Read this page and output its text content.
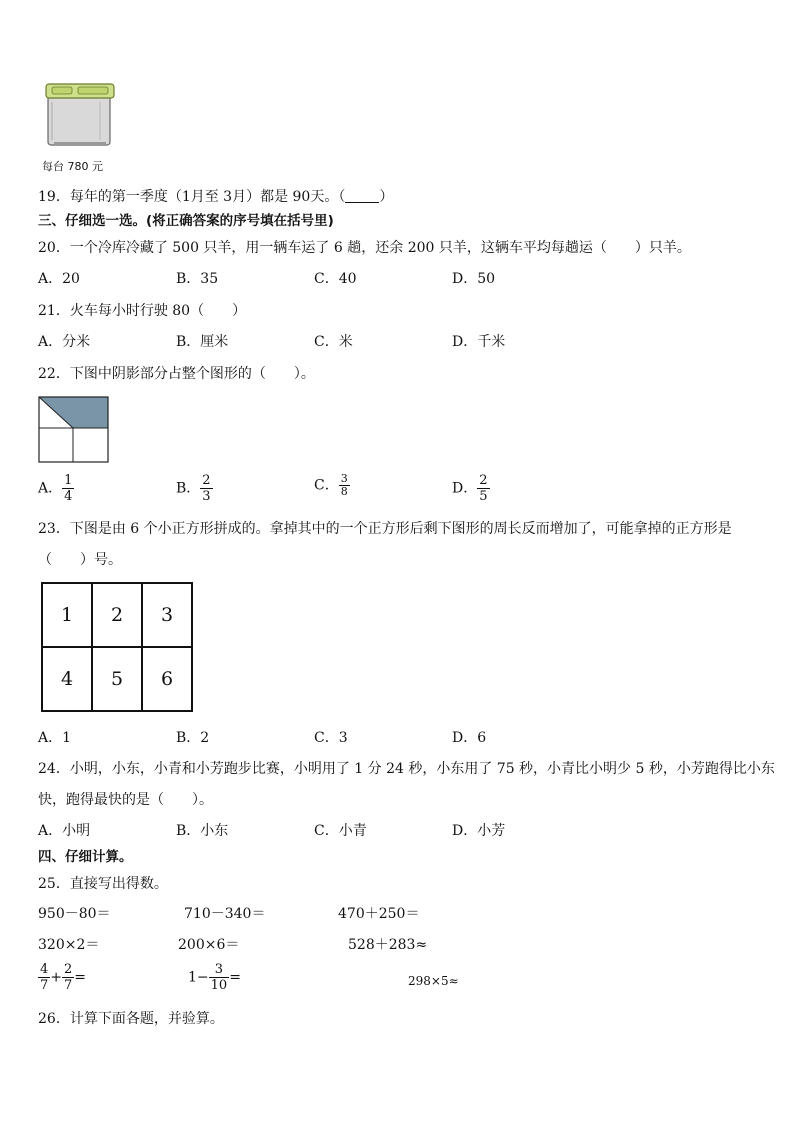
每台 780 元
19．每年的第一季度（1月至 3月）都是 90天。（ ）
三、仔细选一选。(将正确答案的序号填在括号里)
20．一个冷库冷藏了 500 只羊，用一辆车运了 6 趟，还余 200 只羊，这辆车平均每趟运（　　）只羊。
A．20	B．35	C．40	D．50
21．火车每小时行驶 80（　　）
A．分米	B．厘米	C．米	D．千米
22．下图中阴影部分占整个图形的（　　）。
A． $\frac{1}{4}$	B． $\frac{2}{3}$	C． $\frac{3}{8}$	D． $\frac{2}{5}$
23．下图是由 6 个小正方形拼成的。拿掉其中的一个正方形后剩下图形的周长反而增加了，可能拿掉的正方形是
（　　）号。
1	2	3
4	5	6
A．1	B．2	C．3	D．6
24．小明，小东，小青和小芳跑步比赛，小明用了 1 分 24 秒，小东用了 75 秒，小青比小明少 5 秒，小芳跑得比小东
快，跑得最快的是（　　）。
A．小明	B．小东	C．小青	D．小芳
四、仔细计算。
25．直接写出得数。
950－80＝	710－340＝	470＋250＝
320×2＝	200×6＝	528＋283≈
$\frac{4}{7} + \frac{2}{7}$ =	$1- \frac{3}{10}$ =	298×5≈
26．计算下面各题，并验算。
